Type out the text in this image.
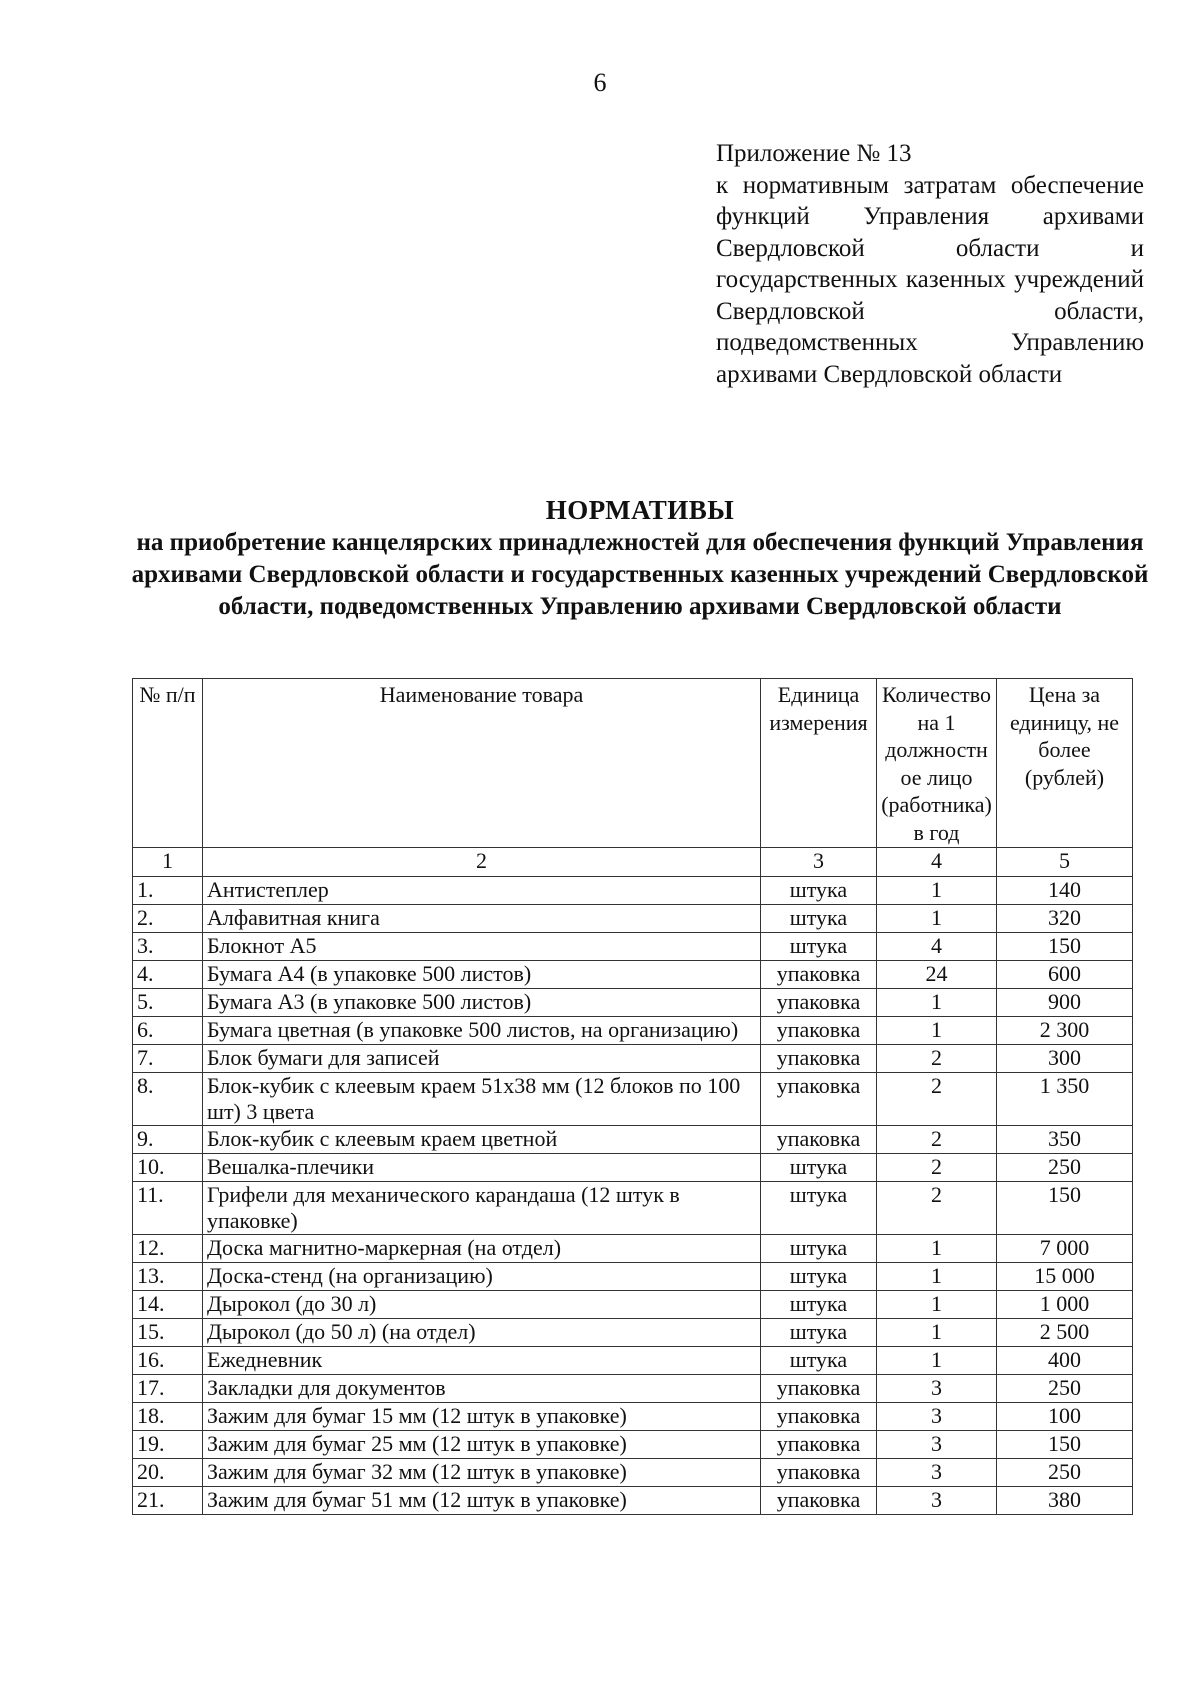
6
Приложение № 13
к нормативным затратам обеспечение функций Управления архивами Свердловской области и государственных казенных учреждений Свердловской области, подведомственных Управлению архивами Свердловской области
НОРМАТИВЫ
на приобретение канцелярских принадлежностей для обеспечения функций Управления архивами Свердловской области и государственных казенных учреждений Свердловской области, подведомственных Управлению архивами Свердловской области
№ п/п	Наименование товара	Единица измерения	Количество на 1 должностн ое лицо (работника) в год	Цена за единицу, не более (рублей)
1	2	3	4	5
1.	Антистеплер	штука	1	140
2.	Алфавитная книга	штука	1	320
3.	Блокнот А5	штука	4	150
4.	Бумага А4 (в упаковке 500 листов)	упаковка	24	600
5.	Бумага А3 (в упаковке 500 листов)	упаковка	1	900
6.	Бумага цветная (в упаковке 500 листов, на организацию)	упаковка	1	2 300
7.	Блок бумаги для записей	упаковка	2	300
8.	Блок-кубик с клеевым краем 51х38 мм (12 блоков по 100 шт) 3 цвета	упаковка	2	1 350
9.	Блок-кубик с клеевым краем цветной	упаковка	2	350
10.	Вешалка-плечики	штука	2	250
11.	Грифели для механического карандаша (12 штук в упаковке)	штука	2	150
12.	Доска магнитно-маркерная (на отдел)	штука	1	7 000
13.	Доска-стенд (на организацию)	штука	1	15 000
14.	Дырокол (до 30 л)	штука	1	1 000
15.	Дырокол (до 50 л) (на отдел)	штука	1	2 500
16.	Ежедневник	штука	1	400
17.	Закладки для документов	упаковка	3	250
18.	Зажим для бумаг 15 мм (12 штук в упаковке)	упаковка	3	100
19.	Зажим для бумаг 25 мм (12 штук в упаковке)	упаковка	3	150
20.	Зажим для бумаг 32 мм (12 штук в упаковке)	упаковка	3	250
21.	Зажим для бумаг 51 мм (12 штук в упаковке)	упаковка	3	380
